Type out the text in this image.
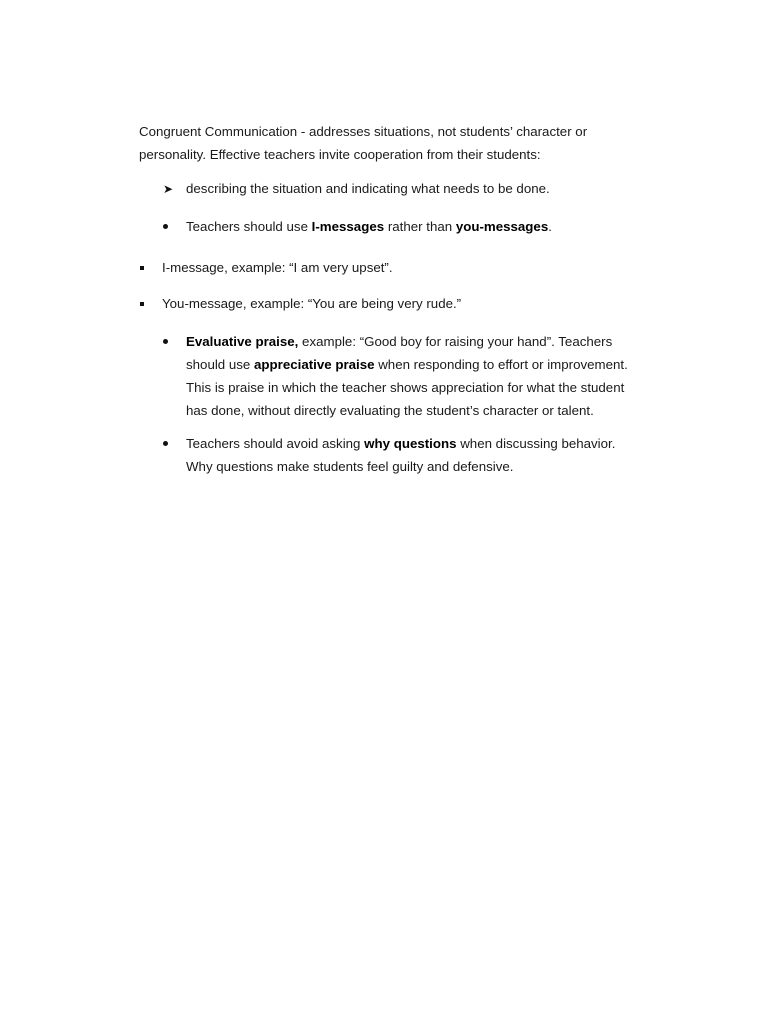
Congruent Communication - addresses situations, not students’ character or
personality. Effective teachers invite cooperation from their students:

➤ describing the situation and indicating what needs to be done.

Teachers should use I-messages rather than you-messages.

I-message, example: “I am very upset”.

You-message, example: “You are being very rude.”

Evaluative praise, example: “Good boy for raising your hand”. Teachers
should use appreciative praise when responding to effort or improvement.
This is praise in which the teacher shows appreciation for what the student
has done, without directly evaluating the student’s character or talent.

Teachers should avoid asking why questions when discussing behavior.
Why questions make students feel guilty and defensive.
